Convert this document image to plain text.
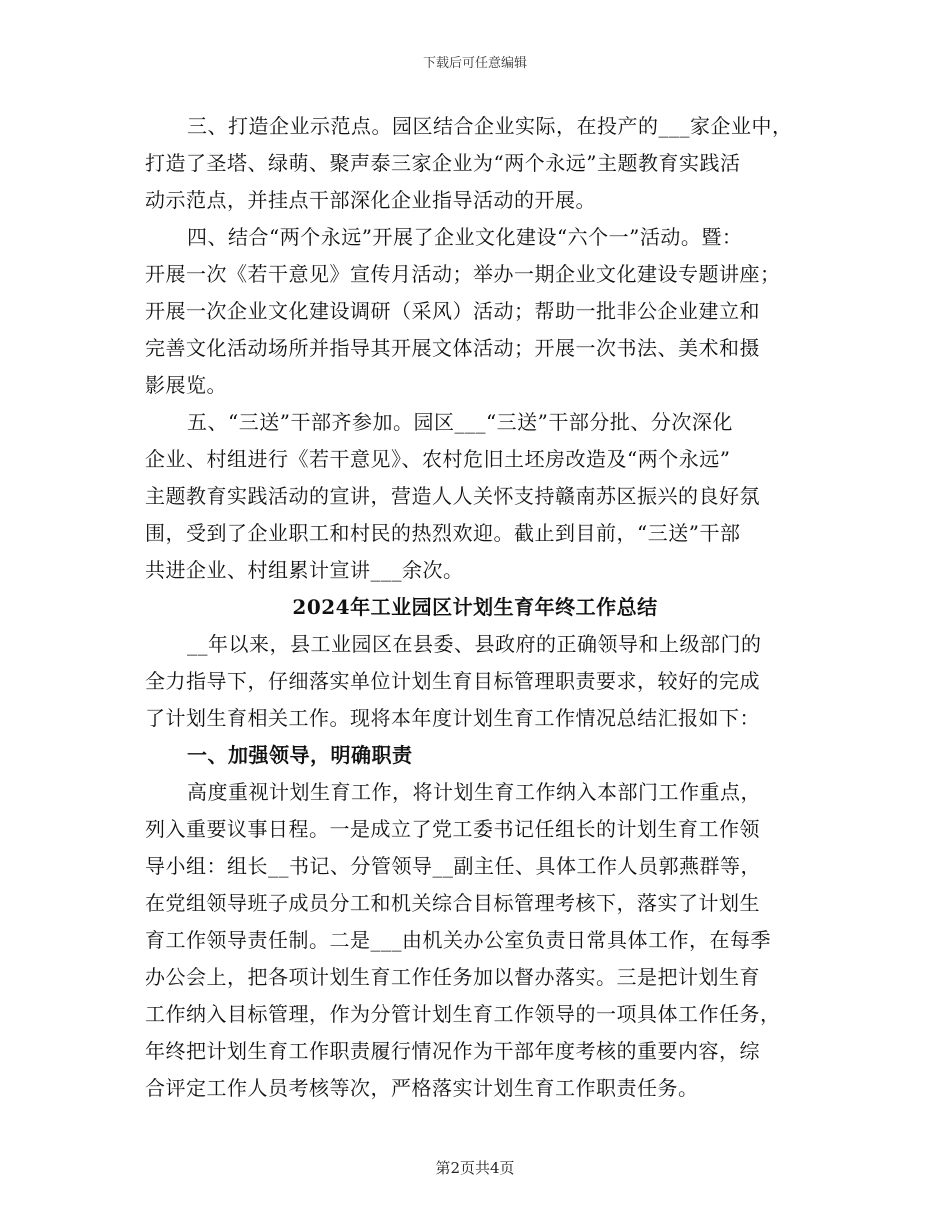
下载后可任意编辑
三、打造企业示范点。园区结合企业实际，在投产的___家企业中，
打造了圣塔、绿萌、聚声泰三家企业为“两个永远”主题教育实践活
动示范点，并挂点干部深化企业指导活动的开展。
四、结合“两个永远”开展了企业文化建设“六个一”活动。暨：
开展一次《若干意见》宣传月活动；举办一期企业文化建设专题讲座；
开展一次企业文化建设调研（采风）活动；帮助一批非公企业建立和
完善文化活动场所并指导其开展文体活动；开展一次书法、美术和摄
影展览。
五、“三送”干部齐参加。园区___“三送”干部分批、分次深化
企业、村组进行《若干意见》、农村危旧土坯房改造及“两个永远”
主题教育实践活动的宣讲，营造人人关怀支持赣南苏区振兴的良好氛
围，受到了企业职工和村民的热烈欢迎。截止到目前，“三送”干部
共进企业、村组累计宣讲___余次。
2024年工业园区计划生育年终工作总结
__年以来，县工业园区在县委、县政府的正确领导和上级部门的
全力指导下，仔细落实单位计划生育目标管理职责要求，较好的完成
了计划生育相关工作。现将本年度计划生育工作情况总结汇报如下：
一、加强领导，明确职责
高度重视计划生育工作，将计划生育工作纳入本部门工作重点，
列入重要议事日程。一是成立了党工委书记任组长的计划生育工作领
导小组：组长__书记、分管领导__副主任、具体工作人员郭燕群等，
在党组领导班子成员分工和机关综合目标管理考核下，落实了计划生
育工作领导责任制。二是___由机关办公室负责日常具体工作，在每季
办公会上，把各项计划生育工作任务加以督办落实。三是把计划生育
工作纳入目标管理，作为分管计划生育工作领导的一项具体工作任务，
年终把计划生育工作职责履行情况作为干部年度考核的重要内容，综
合评定工作人员考核等次，严格落实计划生育工作职责任务。
第2页共4页
